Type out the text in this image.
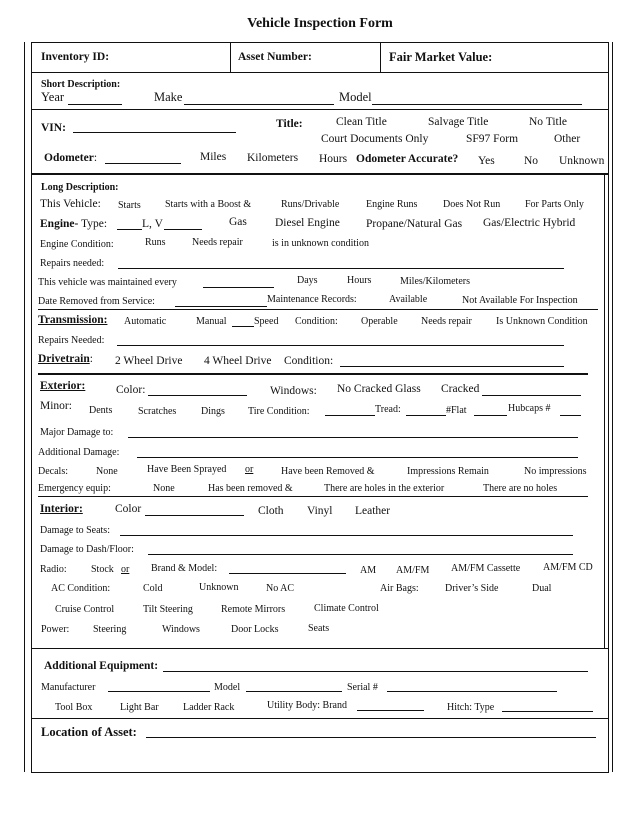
Vehicle Inspection Form
Inventory ID:	Asset Number:	Fair Market Value:
Short Description:
Year	Make	Model
VIN:	Title:	Clean Title	Salvage Title	No Title
Court Documents Only	SF97 Form	Other
Odometer:	Miles Kilometers Hours Odometer Accurate? Yes	No Unknown
Long Description:
This Vehicle: Starts Starts with a Boost &	Runs/Drivable	Engine Runs	Does Not Run For Parts Only
Engine- Type:	L, V	Gas Diesel Engine Propane/Natural Gas Gas/Electric Hybrid
Engine Condition:	Runs	Needs repair	is in unknown condition
Repairs needed:
This vehicle was maintained every	Days	Hours	Miles/Kilometers
Date Removed from Service:	Maintenance Records:	Available	Not Available For Inspection
Transmission: Automatic	Manual	Speed Condition: Operable Needs repair Is Unknown Condition
Repairs Needed:
Drivetrain: 2 Wheel Drive 4 Wheel Drive Condition:
Exterior:	Color:	Windows: No Cracked Glass Cracked
Minor: Dents	Scratches Dings Tire Condition:	Tread:	#Flat	Hubcaps #
Major Damage to:
Additional Damage:
Decals:	None	Have Been Sprayed or	Have been Removed &	Impressions Remain	No impressions
Emergency equip:	None	Has been removed &	There are holes in the exterior	There are no holes
Interior:	Color	Cloth Vinyl Leather
Damage to Seats:
Damage to Dash/Floor:
Radio: Stock or Brand & Model:	AM AM/FM AM/FM Cassette AM/FM CD
AC Condition:	Cold	Unknown	No AC	Air Bags:	Driver’s Side	Dual
Cruise Control	Tilt Steering	Remote Mirrors	Climate Control
Power: Steering	Windows	Door Locks	Seats
Additional Equipment:
Manufacturer	Model	Serial #
Tool Box	Light Bar Ladder Rack	Utility Body: Brand	Hitch: Type
Location of Asset:
